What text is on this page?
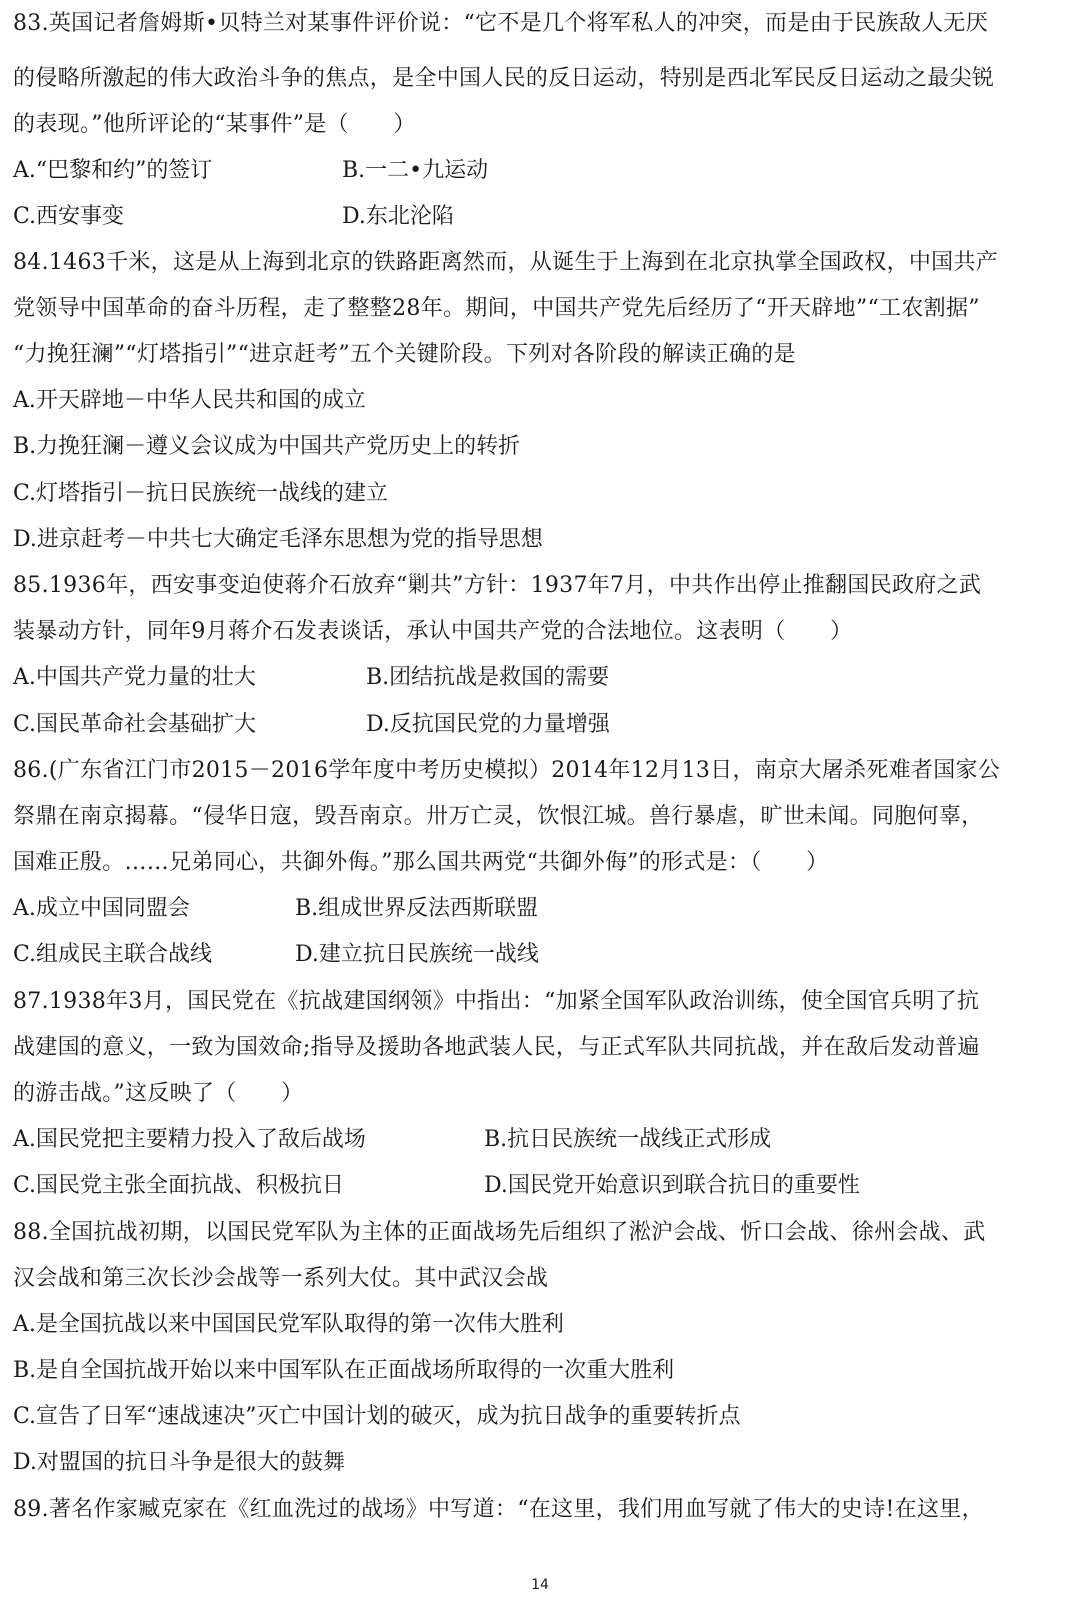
83.英国记者詹姆斯•贝特兰对某事件评价说：“它不是几个将军私人的冲突，而是由于民族敌人无厌
的侵略所激起的伟大政治斗争的焦点，是全中国人民的反日运动，特别是西北军民反日运动之最尖锐
的表现。”他所评论的“某事件”是（　　）
A.“巴黎和约”的签订	B.一二•九运动
C.西安事变	D.东北沦陷
84.1463千米，这是从上海到北京的铁路距离然而，从诞生于上海到在北京执掌全国政权，中国共产
党领导中国革命的奋斗历程，走了整整28年。期间，中国共产党先后经历了“开天辟地”“工农割据”
“力挽狂澜”“灯塔指引”“进京赶考”五个关键阶段。下列对各阶段的解读正确的是
A.开天辟地－中华人民共和国的成立
B.力挽狂澜－遵义会议成为中国共产党历史上的转折
C.灯塔指引－抗日民族统一战线的建立
D.进京赶考－中共七大确定毛泽东思想为党的指导思想
85.1936年，西安事变迫使蒋介石放弃“剿共”方针：1937年7月，中共作出停止推翻国民政府之武
装暴动方针，同年9月蒋介石发表谈话，承认中国共产党的合法地位。这表明（　　）
A.中国共产党力量的壮大	B.团结抗战是救国的需要
C.国民革命社会基础扩大	D.反抗国民党的力量增强
86.(广东省江门市2015－2016学年度中考历史模拟）2014年12月13日，南京大屠杀死难者国家公
祭鼎在南京揭幕。“侵华日寇，毁吾南京。卅万亡灵，饮恨江城。兽行暴虐，旷世未闻。同胞何辜，
国难正殷。……兄弟同心，共御外侮。”那么国共两党“共御外侮”的形式是：（　　）
A.成立中国同盟会	B.组成世界反法西斯联盟
C.组成民主联合战线	D.建立抗日民族统一战线
87.1938年3月，国民党在《抗战建国纲领》中指出：“加紧全国军队政治训练，使全国官兵明了抗
战建国的意义，一致为国效命;指导及援助各地武装人民，与正式军队共同抗战，并在敌后发动普遍
的游击战。”这反映了（　　）
A.国民党把主要精力投入了敌后战场	B.抗日民族统一战线正式形成
C.国民党主张全面抗战、积极抗日	D.国民党开始意识到联合抗日的重要性
88.全国抗战初期，以国民党军队为主体的正面战场先后组织了淞沪会战、忻口会战、徐州会战、武
汉会战和第三次长沙会战等一系列大仗。其中武汉会战
A.是全国抗战以来中国国民党军队取得的第一次伟大胜利
B.是自全国抗战开始以来中国军队在正面战场所取得的一次重大胜利
C.宣告了日军“速战速决”灭亡中国计划的破灭，成为抗日战争的重要转折点
D.对盟国的抗日斗争是很大的鼓舞
89.著名作家臧克家在《红血洗过的战场》中写道：“在这里，我们用血写就了伟大的史诗!在这里，
14
